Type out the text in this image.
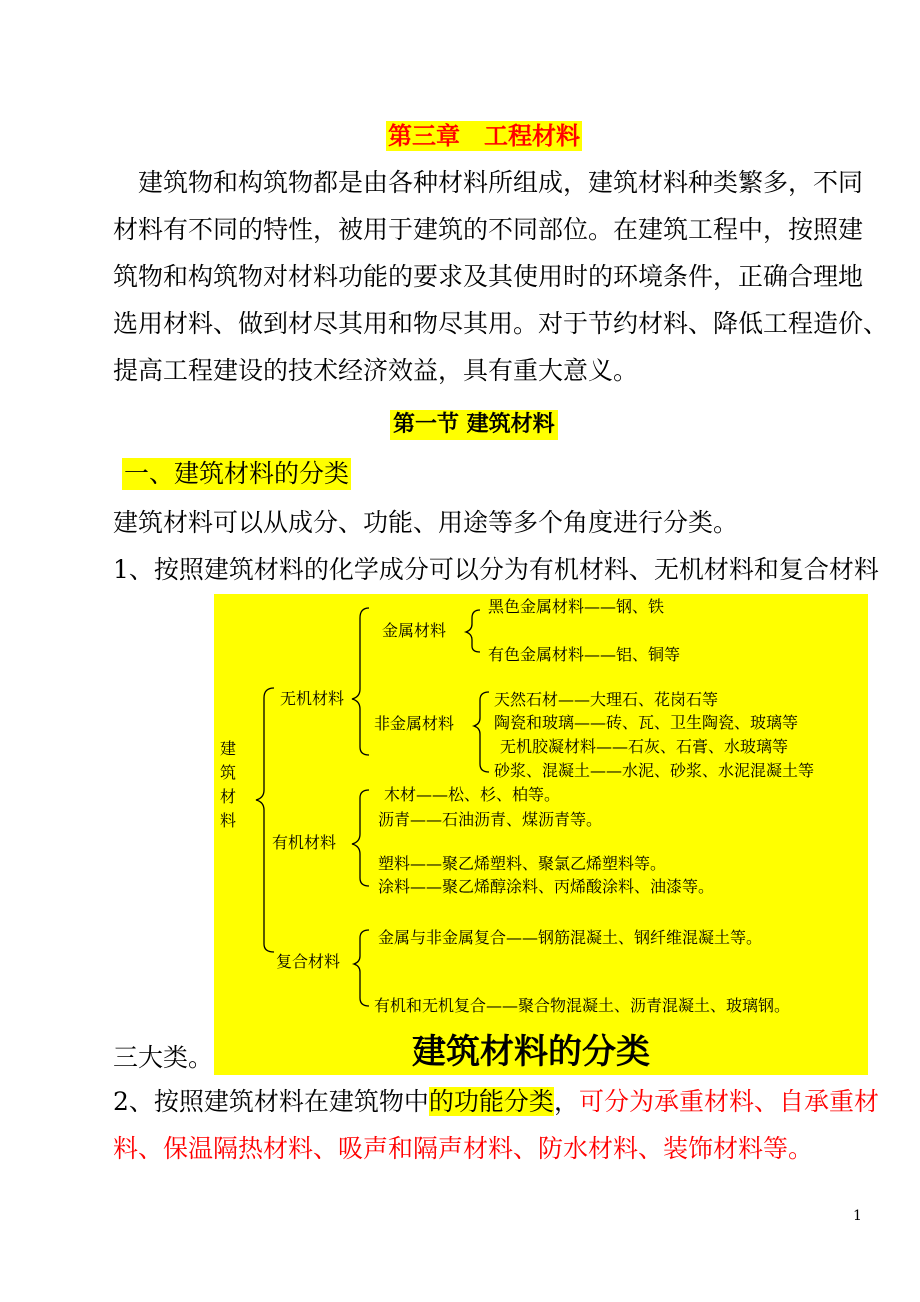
第三章　工程材料

　建筑物和构筑物都是由各种材料所组成，建筑材料种类繁多，不同

材料有不同的特性，被用于建筑的不同部位。在建筑工程中，按照建

筑物和构筑物对材料功能的要求及其使用时的环境条件，正确合理地

选用材料、做到材尽其用和物尽其用。对于节约材料、降低工程造价、

提高工程建设的技术经济效益，具有重大意义。

第一节 建筑材料
一、建筑材料的分类
建筑材料可以从成分、功能、用途等多个角度进行分类。
1、按照建筑材料的化学成分可以分为有机材料、无机材料和复合材料
建
筑
材
料
无机材料
金属材料
黑色金属材料——钢、铁
有色金属材料——铝、铜等
非金属材料
天然石材——大理石、花岗石等
陶瓷和玻璃——砖、瓦、卫生陶瓷、玻璃等
无机胶凝材料——石灰、石膏、水玻璃等
砂浆、混凝土——水泥、砂浆、水泥混凝土等
有机材料
木材——松、杉、柏等。
沥青——石油沥青、煤沥青等。
塑料——聚乙烯塑料、聚氯乙烯塑料等。
涂料——聚乙烯醇涂料、丙烯酸涂料、油漆等。
复合材料
金属与非金属复合——钢筋混凝土、钢纤维混凝土等。
有机和无机复合——聚合物混凝土、沥青混凝土、玻璃钢。
建筑材料的分类
三大类。
2、按照建筑材料在建筑物中的功能分类，可分为承重材料、自承重材
料、保温隔热材料、吸声和隔声材料、防水材料、装饰材料等。
1
